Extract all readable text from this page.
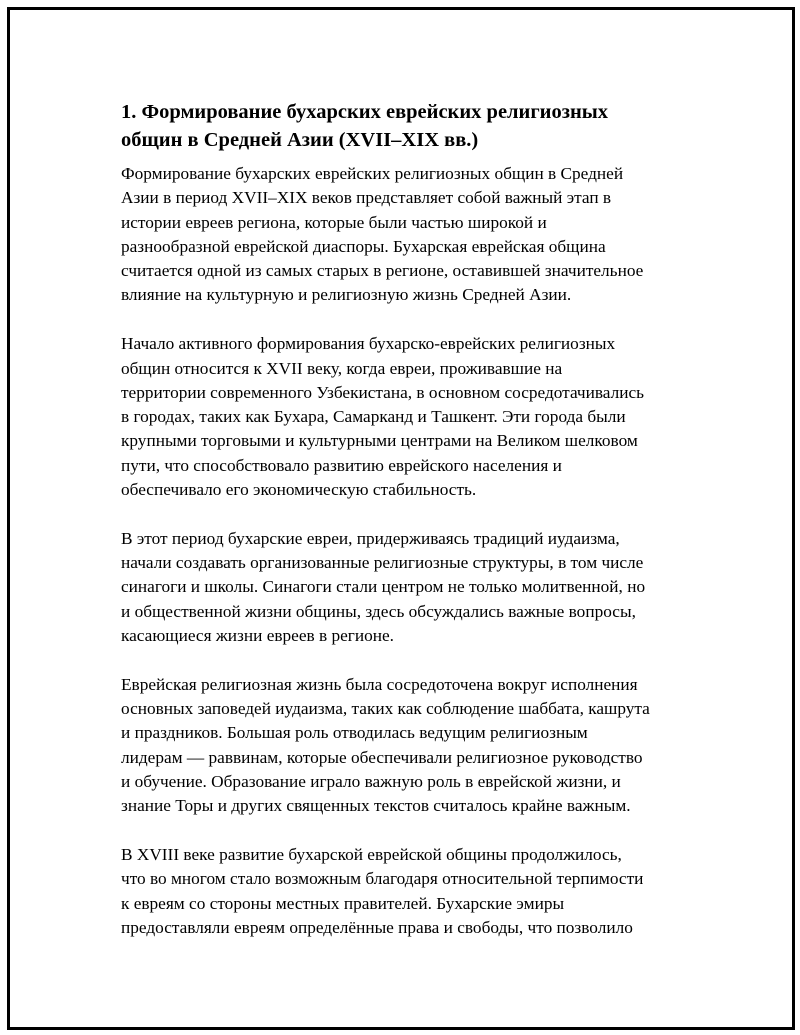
1. Формирование бухарских еврейских религиозных
общин в Средней Азии (XVII–XIX вв.)

Формирование бухарских еврейских религиозных общин в Средней
Азии в период XVII–XIX веков представляет собой важный этап в
истории евреев региона, которые были частью широкой и
разнообразной еврейской диаспоры. Бухарская еврейская община
считается одной из самых старых в регионе, оставившей значительное
влияние на культурную и религиозную жизнь Средней Азии.

Начало активного формирования бухарско-еврейских религиозных
общин относится к XVII веку, когда евреи, проживавшие на
территории современного Узбекистана, в основном сосредотачивались
в городах, таких как Бухара, Самарканд и Ташкент. Эти города были
крупными торговыми и культурными центрами на Великом шелковом
пути, что способствовало развитию еврейского населения и
обеспечивало его экономическую стабильность.

В этот период бухарские евреи, придерживаясь традиций иудаизма,
начали создавать организованные религиозные структуры, в том числе
синагоги и школы. Синагоги стали центром не только молитвенной, но
и общественной жизни общины, здесь обсуждались важные вопросы,
касающиеся жизни евреев в регионе.

Еврейская религиозная жизнь была сосредоточена вокруг исполнения
основных заповедей иудаизма, таких как соблюдение шаббата, кашрута
и праздников. Большая роль отводилась ведущим религиозным
лидерам — раввинам, которые обеспечивали религиозное руководство
и обучение. Образование играло важную роль в еврейской жизни, и
знание Торы и других священных текстов считалось крайне важным.

В XVIII веке развитие бухарской еврейской общины продолжилось,
что во многом стало возможным благодаря относительной терпимости
к евреям со стороны местных правителей. Бухарские эмиры
предоставляли евреям определённые права и свободы, что позволило
